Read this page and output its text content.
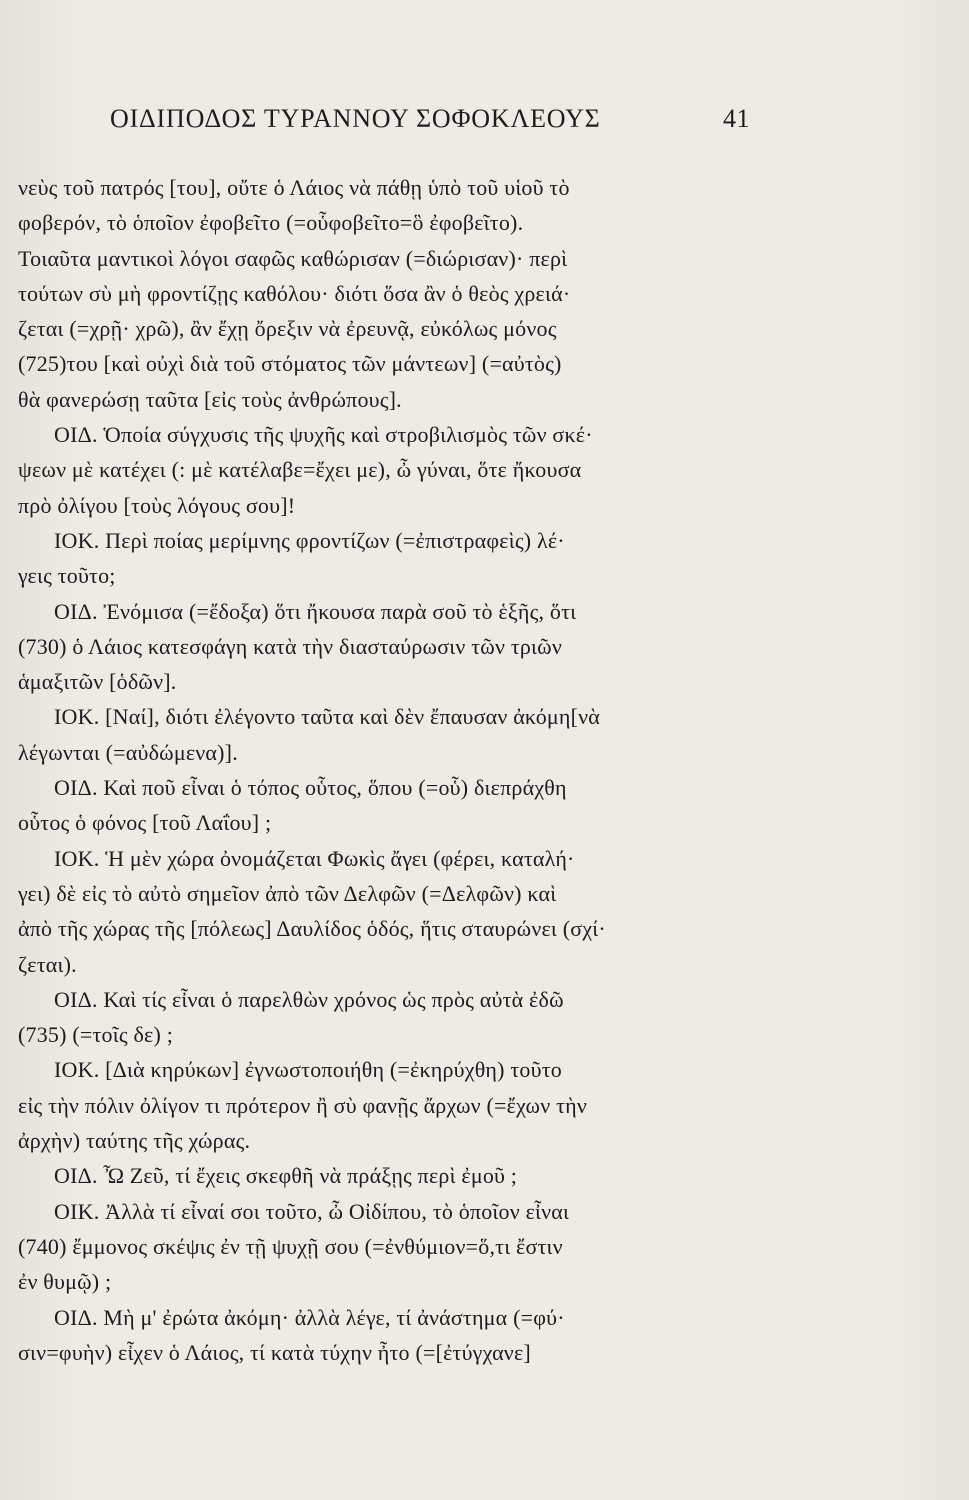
ΟΙΔΙΠΟΔΟΣ ΤΥΡΑΝΝΟΥ ΣΟΦΟΚΛΕΟΥΣ	41
νεὺς τοῦ πατρός [του], οὔτε ὁ Λάιος νὰ πάθῃ ὑπὸ τοῦ υἱοῦ τὸ
φοβερόν, τὸ ὁποῖον ἐφοβεῖτο (=οὗφοβεῖτο=ὃ ἐφοβεῖτο).
Τοιαῦτα μαντικοὶ λόγοι σαφῶς καθώρισαν (=διώρισαν)· περὶ
τούτων σὺ μὴ φροντίζῃς καθόλου· διότι ὅσα ἂν ὁ θεὸς χρειά·
ζεται (=χρῇ· χρῶ), ἂν ἔχῃ ὄρεξιν νὰ ἐρευνᾷ, εὐκόλως μόνος
(725)του [καὶ οὐχὶ διὰ τοῦ στόματος τῶν μάντεων] (=αὐτὸς)
θὰ φανερώσῃ ταῦτα [εἰς τοὺς ἀνθρώπους].
ΟΙΔ. Ὁποία σύγχυσις τῆς ψυχῆς καὶ στροβιλισμὸς τῶν σκέ·
ψεων μὲ κατέχει (: μὲ κατέλαβε=ἔχει με), ὦ γύναι, ὅτε ἤκουσα
πρὸ ὀλίγου [τοὺς λόγους σου]!
ΙΟΚ. Περὶ ποίας μερίμνης φροντίζων (=ἐπιστραφεὶς) λέ·
γεις τοῦτο;
ΟΙΔ. Ἐνόμισα (=ἔδοξα) ὅτι ἤκουσα παρὰ σοῦ τὸ ἑξῆς, ὅτι
(730) ὁ Λάιος κατεσφάγη κατὰ τὴν διασταύρωσιν τῶν τριῶν
ἁμαξιτῶν [ὁδῶν].
ΙΟΚ. [Ναί], διότι ἐλέγοντο ταῦτα καὶ δὲν ἔπαυσαν ἀκόμη[νὰ
λέγωνται (=αὐδώμενα)].
ΟΙΔ. Καὶ ποῦ εἶναι ὁ τόπος οὗτος, ὅπου (=οὗ) διεπράχθη
οὗτος ὁ φόνος [τοῦ Λαΐου] ;
ΙΟΚ. Ἡ μὲν χώρα ὀνομάζεται Φωκὶς ἄγει (φέρει, καταλή·
γει) δὲ εἰς τὸ αὐτὸ σημεῖον ἀπὸ τῶν Δελφῶν (=Δελφῶν) καὶ
ἀπὸ τῆς χώρας τῆς [πόλεως] Δαυλίδος ὁδός, ἥτις σταυρώνει (σχί·
ζεται).
ΟΙΔ. Καὶ τίς εἶναι ὁ παρελθὼν χρόνος ὡς πρὸς αὐτὰ ἐδῶ
(735) (=τοῖς δε) ;
ΙΟΚ. [Διὰ κηρύκων] ἐγνωστοποιήθη (=ἐκηρύχθη) τοῦτο
εἰς τὴν πόλιν ὀλίγον τι πρότερον ἢ σὺ φανῇς ἄρχων (=ἔχων τὴν
ἀρχὴν) ταύτης τῆς χώρας.
ΟΙΔ. Ὦ Ζεῦ, τί ἔχεις σκεφθῆ νὰ πράξῃς περὶ ἐμοῦ ;
ΟΙΚ. Ἀλλὰ τί εἶναί σοι τοῦτο, ὦ Οἰδίπου, τὸ ὁποῖον εἶναι
(740) ἔμμονος σκέψις ἐν τῇ ψυχῇ σου (=ἐνθύμιον=ὅ,τι ἔστιν
ἐν θυμῷ) ;
ΟΙΔ. Μὴ μ' ἐρώτα ἀκόμη· ἀλλὰ λέγε, τί ἀνάστημα (=φύ·
σιν=φυὴν) εἶχεν ὁ Λάιος, τί κατὰ τύχην ἦτο (=[ἐτύγχανε]
